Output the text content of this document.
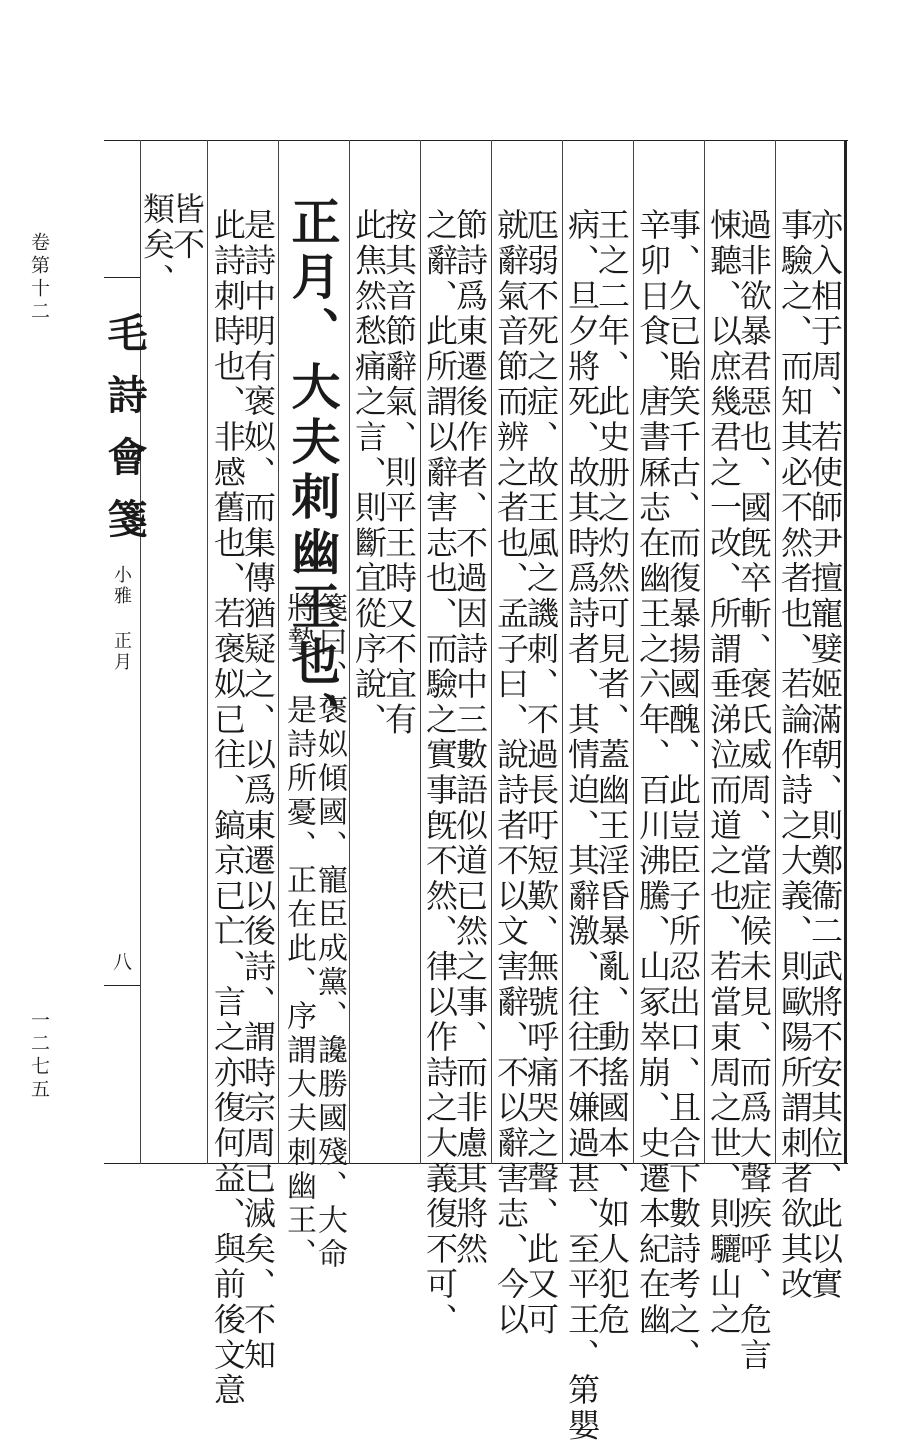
卷第十二
一二七五
毛詩會箋
小雅 正月
八	亦入相于周、若使師尹擅寵嬖姬滿朝、則鄭衞二武將不安其位、此以實
事驗之、而知其必不然者也、若論作詩之大義、則歐陽所謂刺者欲其改
過非欲暴君惡也、國旣卒斬、褒氏威周、當症候未見、而爲大聲疾呼、危言
悚聽、以庶幾君之一改、所謂垂涕泣而道之也、若當東周之世、則驪山之
事、久已貽笑千古、而復暴揚國醜、此豈臣子所忍出口、且合下數詩考之、
辛卯日食、唐書厤志在幽王之六年、百川沸騰、山冢崒崩、史遷本紀在幽
王之二年、此史册之灼然可見者、蓋幽王淫昏暴亂、動搖國本、如人犯危
病、旦夕將死、故其時爲詩者、其情迫、其辭激、往往不嫌過甚、至平王、第嬰
尫弱不死之症、故王風之譏刺、不過長吁短歎、無號呼痛哭之聲、此又可
就辭氣音節而辨之者也、孟子曰、說詩者不以文害辭、不以辭害志、今以
節詩爲東遷後作者、不過因詩中三數語似道已然之事、而非慮其將然
之辭、此所謂以辭害志也、而驗之實事旣不然、律以作詩之大義復不可、
按其音節辭氣、則平王時又不宜有
此焦然愁痛之言、則斷宜從序說、
正月、大夫刺幽王也、
箋曰、褒姒傾國、寵臣成黨、讒勝國殘、大命
將摯、是詩所憂、正在此、序謂大夫刺幽王、
是詩中明有褒姒、而集傳猶疑之、以爲東遷以後詩、謂時宗周已滅矣、不知
此詩刺時也、非感舊也、若褒姒已往、鎬京已亡、言之亦復何益、與前後文意
皆不
類矣、
